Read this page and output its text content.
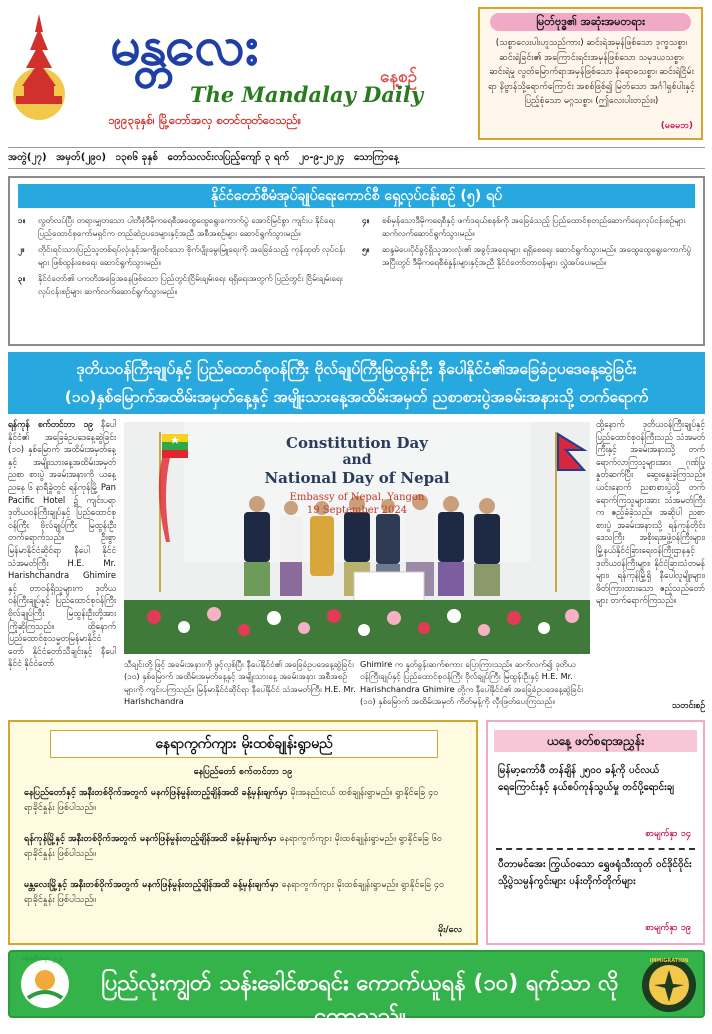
မန္တလေး	နေ့စဉ်
The Mandalay Daily
၁၉၉၃ခုနှစ်၊ မြို့တော်အလှ စတင်ထုတ်ဝေသည်။
မြတ်ဗုဒ္ဓ၏ အဆုံးအမတရား
(သစ္စာလေးပါးဟူသည်ကား) ဆင်းရဲအမှန်ဖြစ်သော ဒုက္ခသစ္စာ၊ ဆင်းရဲခြင်း၏ အကြောင်းရင်းအမှန်ဖြစ်သော သမုဒယသစ္စာ၊ ဆင်းရဲမှု လွတ်မြောက်ရာအမှန်ဖြစ်သော နိရောဓသစ္စာ၊ ဆင်းရဲငြိမ်းရာ နိဗ္ဗာန်သို့ရောက်ကြောင်း အစစ်ဖြစ်၍ မြတ်သော အင်္ဂါရှစ်ပါးနှင့် ပြည့်စုံသော မဂ္ဂသစ္စာ၊ (ဤလေးပါးတည်း။)
(မဓမဘ)
အတွဲ(၂၇) အမှတ်(၂၉၀) ၁၃၈၆ ခုနှစ် တော်သလင်းလပြည့်ကျော် ၃ ရက် ၂၀-၉-၂၀၂၄ သောကြာနေ့
နိုင်ငံတော်စီမံအုပ်ချုပ်ရေးကောင်စီ ရှေ့လုပ်ငန်းစဉ် (၅) ရပ်
၁။	လွတ်လပ်ပြီး တရားမျှတသော ပါတီစုံဒီမိုကရေစီအထွေထွေရွေးကောက်ပွဲ အောင်မြင်စွာ ကျင်းပ နိုင်ရေး ပြည်ထောင်စုကော်မရှင်က တည်ဆဲဥပဒေများနှင့်အညီ အစီအစဉ်များ ဆောင်ရွက်သွားမည်။
၂။	တိုင်းရင်းသားပြည်သူတစ်ရပ်လုံးနှင့်အကျိုးဝင်သော စိုက်ပျိုးမွေးမြူရေးကို အခြေခံသည့် ကုန်ထုတ် လုပ်ငန်းများ ဖြစ်ထွန်းစေရေး ဆောင်ရွက်သွားမည်။
၃။	နိုင်ငံတော်၏ ပကတိအခြေအနေဖြစ်သော ပြည်တွင်းငြိမ်းချမ်းရေး ရရှိရေးအတွက် ပြည်တွင်း ငြိမ်းချမ်းရေးလုပ်ငန်းစဉ်များ ဆက်လက်ဆောင်ရွက်သွားမည်။
၄။	စစ်မှန်သောဒီမိုကရေစီနှင့် ဖက်ဒရယ်စနစ်ကို အခြေခံသည့် ပြည်ထောင်စုတည်ဆောက်ရေးလုပ်ငန်းစဉ်များ ဆက်လက်ဆောင်ရွက်သွားမည်။
၅။	ဆန္ဒမဲပေးပိုင်ခွင့်ရှိသူအားလုံး၏ အခွင့်အရေးများ ရရှိစေရေး ဆောင်ရွက်သွားမည်။ အထွေထွေရွေးကောက်ပွဲအပြီးတွင် ဒီမိုကရေစီစံနှုန်းများနှင့်အညီ နိုင်ငံတော်တာဝန်များ လွှဲအပ်ပေးမည်။
ဒုတိယဝန်ကြီးချုပ်နှင့် ပြည်ထောင်စုဝန်ကြီး ဗိုလ်ချုပ်ကြီးမြထွန်းဦး နီပေါနိုင်ငံ၏အခြေခံဥပဒေနေ့ဆွဲခြင်း
(၁၀)နှစ်မြောက်အထိမ်းအမှတ်နေ့နှင့် အမျိုးသားနေ့အထိမ်းအမှတ် ညစာစားပွဲအခမ်းအနားသို့ တက်ရောက်
ရန်ကုန် စက်တင်ဘာ ၁၉ နီပေါနိုင်ငံ၏ အခြေခံဥပဒေနေ့ဆွဲခြင်း (၁၀) နှစ်မြောက် အထိမ်းအမှတ်နေ့နှင့် အမျိုးသားနေ့အထိမ်းအမှတ်ညစာ စားပွဲ အခမ်းအနားကို ယနေ့ညနေ ၆ နာရီခွဲတွင် ရန်ကုန်မြို့ Pan Pacific Hotel ၌ ကျင်းပရာ ဒုတိယဝန်ကြီးချုပ်နှင့် ပြည်ထောင်စုဝန်ကြီး ဗိုလ်ချုပ်ကြီး မြထွန်းဦး တက်ရောက်သည်။ ဦးစွာ မြန်မာနိုင်ငံဆိုင်ရာ နီပေါ နိုင်ငံ သံအမတ်ကြီး H.E. Mr. Harishchandra Ghimire နှင့် တာဝန်ရှိသူများက ဒုတိယဝန်ကြီးချုပ်နှင့် ပြည်ထောင်စုဝန်ကြီး ဗိုလ်ချုပ်ကြီး မြထွန်းဦးတို့အား ကြိုဆိုကြသည်။ ထို့နောက် ပြည်ထောင်စုသမ္မတမြန်မာနိုင်ငံတော် နိုင်ငံတော်သီချင်းနှင့် နီပေါနိုင်ငံ နိုင်ငံတော်
Constitution Day
and
National Day of Nepal
Embassy of Nepal, Yangon
19 September 2024
သီချင်းတို့ဖြင့် အခမ်းအနားကို ဖွင့်လှစ်ပြီး နီပေါနိုင်ငံ၏ အခြေခံဥပဒေနေ့ဆွဲခြင်း (၁၀) နှစ်မြောက် အထိမ်းအမှတ်နေ့နှင့် အမျိုးသားနေ့ အခမ်းအနား အစီအစဉ်များကို ကျင်းပကြသည်။ မြန်မာနိုင်ငံဆိုင်ရာ နီပေါနိုင်ငံ သံအမတ်ကြီး H.E. Mr. Harishchandra
Ghimire က နှုတ်ခွန်းဆက်စကား ပြောကြားသည်။ ဆက်လက်၍ ဒုတိယဝန်ကြီးချုပ်နှင့် ပြည်ထောင်စုဝန်ကြီး ဗိုလ်ချုပ်ကြီး မြထွန်းဦးနှင့် H.E. Mr. Harishchandra Ghimire တို့က နီပေါနိုင်ငံ၏ အခြေခံဥပဒေနေ့ဆွဲခြင်း (၁၀) နှစ်မြောက် အထိမ်းအမှတ် ကိတ်မုန့်ကို လှီးဖြတ်ပေးကြသည်။
ထို့နောက် ဒုတိယဝန်ကြီးချုပ်နှင့် ပြည်ထောင်စုဝန်ကြီးသည် သံအမတ်ကြီးနှင့် အခမ်းအနားသို့ တက်ရောက်လာကြသူများအား ဂုဏ်ပြုနှုတ်ဆက်ပြီး ဆွေးနွေးခဲ့ကြသည်။ ယင်းနောက် ညစာစားပွဲသို့ တက်ရောက်ကြသူများအား သံအမတ်ကြီးက ဧည့်ခံခဲ့သည်။ အဆိုပါ ညစာစားပွဲ အခမ်းအနားသို့ ရန်ကုန်တိုင်းဒေသကြီး အစိုးရအဖွဲ့ဝန်ကြီးများ၊ မြို့နယ်နိုင်ငံခြားရေးဝန်ကြီးဌာနနှင့် ဒုတိယဝန်ကြီးများ၊ နိုင်ငံခြားသံတမန်များ၊ ရန်ကုန်မြို့ရှိ နီပေါလူမျိုးများ၊ ဖိတ်ကြားထားသော ဧည့်သည်တော်များ တက်ရောက်ကြသည်။
သတင်းစဉ်
နေရာကွက်ကျား မိုးထစ်ချုန်းရွာမည်
နေပြည်တော် စက်တင်ဘာ ၁၉
နေပြည်တော်နှင့် အနီးတစ်ဝိုက်အတွက် မနက်ဖြန်မွန်းတည့်ချိန်အထိ ခန့်မှန်းချက်မှာ မိုးအနည်းငယ် ထစ်ချုန်းရွာမည်။ ရွာနိုင်ခြေ ၄၀ ရာခိုင်နှုန်း ဖြစ်ပါသည်။
ရန်ကုန်မြို့နှင့် အနီးတစ်ဝိုက်အတွက် မနက်ဖြန်မွန်းတည့်ချိန်အထိ ခန့်မှန်းချက်မှာ နေရာကွက်ကျား မိုးထစ်ချုန်းရွာမည်။ ရွာနိုင်ခြေ ၆၀ ရာခိုင်နှုန်း ဖြစ်ပါသည်။
မန္တလေးမြို့နှင့် အနီးတစ်ဝိုက်အတွက် မနက်ဖြန်မွန်းတည့်ချိန်အထိ ခန့်မှန်းချက်မှာ နေရာကွက်ကျား မိုးထစ်ချုန်းရွာမည်။ ရွာနိုင်ခြေ ၄၀ ရာခိုင်နှုန်း ဖြစ်ပါသည်။
မိုး/လေ
ယနေ့ ဖတ်စရာအညွှန်း
မြန်မာ့ကော်ဖီ တန်ချိန် ၂၅၀၀ ခန့်ကို ပင်လယ်ရေကြောင်းနှင့် နယ်စပ်ကုန်သွယ်မှု တင်ပို့ရောင်းချ
စာမျက်နှာ ၁၄
ပီတာမင်အေး ကြွယ်ဝသော ရွှေဖရုံသီးထုတ် ဝင်ဒိုင်ဝိုင်း သို့ပွဲသမ္ပန်ကွင်းများ ပန်းတိုက်တိုက်များ
စာမျက်နှာ ၁၉
သန်းခေါင်စာရင်း ၂၀၂၄
ပြည်လုံးကျွတ် သန်းခေါင်စာရင်း ကောက်ယူရန် (၁၀) ရက်သာ လိုတော့သည်။
IMMIGRATION
